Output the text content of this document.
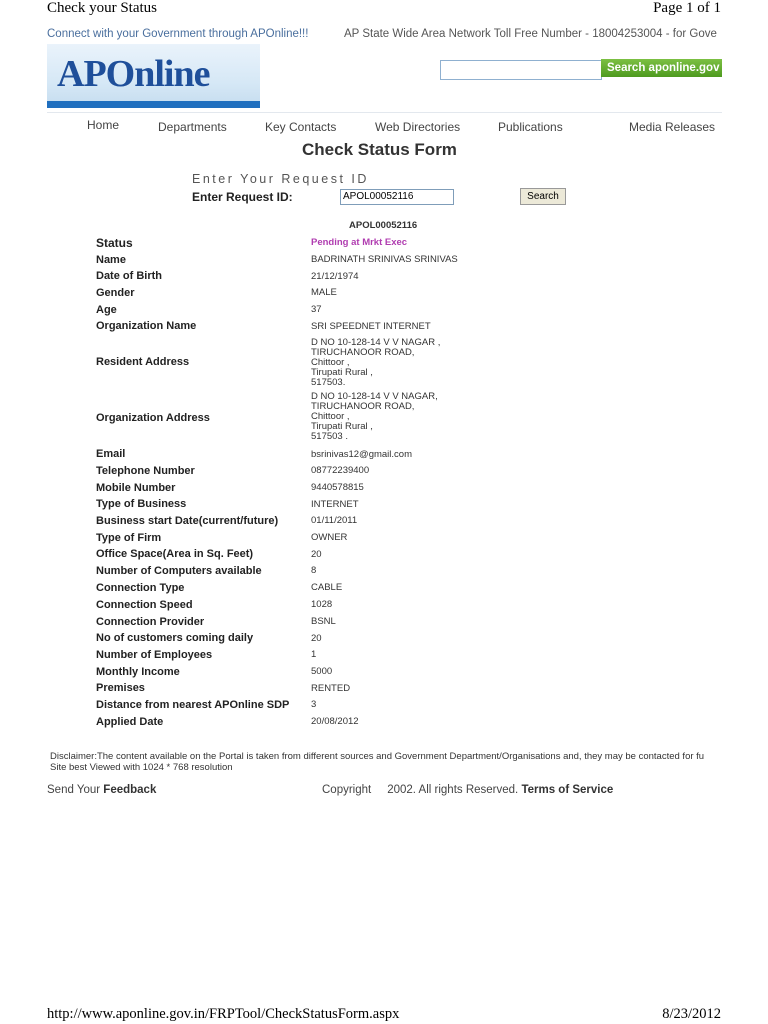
Check your Status	Page 1 of 1
Connect with your Government through APOnline!!!	AP State Wide Area Network Toll Free Number - 18004253004 - for Gove
APOnline	Search aponline.gov
Home	Departments	Key Contacts	Web Directories	Publications	Media Releases
Check Status Form
Enter Your Request ID
Enter Request ID:	APOL00052116	Search
APOL00052116
Status	Pending at Mrkt Exec
Name	BADRINATH SRINIVAS SRINIVAS
Date of Birth	21/12/1974
Gender	MALE
Age	37
Organization Name	SRI SPEEDNET INTERNET
Resident Address
D NO 10-128-14 V V NAGAR ,
TIRUCHANOOR ROAD,
Chittoor ,
Tirupati Rural ,
517503.
Organization Address
D NO 10-128-14 V V NAGAR,
TIRUCHANOOR ROAD,
Chittoor ,
Tirupati Rural ,
517503 .
Email	bsrinivas12@gmail.com
Telephone Number	08772239400
Mobile Number	9440578815
Type of Business	INTERNET
Business start Date(current/future)	01/11/2011
Type of Firm	OWNER
Office Space(Area in Sq. Feet)	20
Number of Computers available	8
Connection Type	CABLE
Connection Speed	1028
Connection Provider	BSNL
No of customers coming daily	20
Number of Employees	1
Monthly Income	5000
Premises	RENTED
Distance from nearest APOnline SDP 3
Applied Date	20/08/2012
Disclaimer:The content available on the Portal is taken from different sources and Government Department/Organisations and, they may be contacted for fu
Site best Viewed with 1024 * 768 resolution
Send Your Feedback	Copyright 2002. All rights Reserved. Terms of Service
http://www.aponline.gov.in/FRPTool/CheckStatusForm.aspx	8/23/2012
